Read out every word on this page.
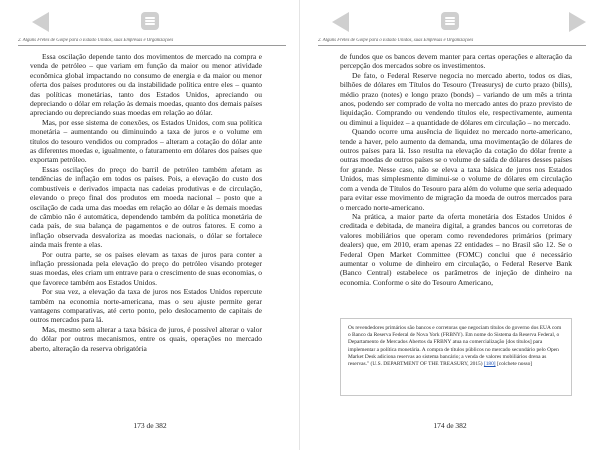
2. Alguns Fretes de Golpe para o Estado Unidos, suas Empresas e Organizações

Essa oscilação depende tanto dos movimentos de mercado na compra e venda de petróleo – que variam em função da maior ou menor atividade econômica global impactando no consumo de energia e da maior ou menor oferta dos países produtores ou da instabilidade política entre eles – quanto das políticas monetárias, tanto dos Estados Unidos, apreciando ou depreciando o dólar em relação às demais moedas, quanto dos demais países apreciando ou depreciando suas moedas em relação ao dólar.

Mas, por esse sistema de conexões, os Estados Unidos, com sua política monetária – aumentando ou diminuindo a taxa de juros e o volume em títulos do tesouro vendidos ou comprados – alteram a cotação do dólar ante as diferentes moedas e, igualmente, o faturamento em dólares dos países que exportam petróleo.

Essas oscilações do preço do barril de petróleo também afetam as tendências de inflação em todos os países. Pois, a elevação do custo dos combustíveis e derivados impacta nas cadeias produtivas e de circulação, elevando o preço final dos produtos em moeda nacional – posto que a oscilação de cada uma das moedas em relação ao dólar e às demais moedas de câmbio não é automática, dependendo também da política monetária de cada país, de sua balança de pagamentos e de outros fatores. E como a inflação observada desvaloriza as moedas nacionais, o dólar se fortalece ainda mais frente a elas.

Por outra parte, se os países elevam as taxas de juros para conter a inflação pressionada pela elevação do preço do petróleo visando proteger suas moedas, eles criam um entrave para o crescimento de suas economias, o que favorece também aos Estados Unidos.

Por sua vez, a elevação da taxa de juros nos Estados Unidos repercute também na economia norte-americana, mas o seu ajuste permite gerar vantagens comparativas, até certo ponto, pelo deslocamento de capitais de outros mercados para lá.

Mas, mesmo sem alterar a taxa básica de juros, é possível alterar o valor do dólar por outros mecanismos, entre os quais, operações no mercado aberto, alteração da reserva obrigatória

173 de 382
2. Alguns Fretes de Golpe para o Estado Unidos, suas Empresas e Organizações

de fundos que os bancos devem manter para certas operações e alteração da percepção dos mercados sobre os investimentos.

De fato, o Federal Reserve negocia no mercado aberto, todos os dias, bilhões de dólares em Títulos do Tesouro (Treasurys) de curto prazo (bills), médio prazo (notes) e longo prazo (bonds) – variando de um mês a trinta anos, podendo ser comprado de volta no mercado antes do prazo previsto de liquidação. Comprando ou vendendo títulos ele, respectivamente, aumenta ou diminui a liquidez – a quantidade de dólares em circulação – no mercado.

Quando ocorre uma ausência de liquidez no mercado norte-americano, tende a haver, pelo aumento da demanda, uma movimentação de dólares de outros países para lá. Isso resulta na elevação da cotação do dólar frente a outras moedas de outros países se o volume de saída de dólares desses países for grande. Nesse caso, não se eleva a taxa básica de juros nos Estados Unidos, mas simplesmente diminui-se o volume de dólares em circulação com a venda de Títulos do Tesouro para além do volume que seria adequado para evitar esse movimento de migração da moeda de outros mercados para o mercado norte-americano.

Na prática, a maior parte da oferta monetária dos Estados Unidos é creditada e debitada, de maneira digital, a grandes bancos ou corretoras de valores mobiliários que operam como revendedores primários (primary dealers) que, em 2010, eram apenas 22 entidades – no Brasil são 12. Se o Federal Open Market Committee (FOMC) conclui que é necessário aumentar o volume de dinheiro em circulação, o Federal Reserve Bank (Banco Central) estabelece os parâmetros de injeção de dinheiro na economia. Conforme o site do Tesouro Americano,

Os revendedores primários são bancos e corretoras que negociam títulos do governo dos EUA com o Banco da Reserva Federal de Nova York (FRBNY). Em nome do Sistema da Reserva Federal, o Departamento de Mercados Abertos da FRBNY atua na comercialização [dos títulos] para implementar a política monetária. A compra de títulos públicos no mercado secundário pelo Open Market Desk adiciona reservas ao sistema bancário; a venda de valores mobiliários drena as reservas." (U.S. DEPARTMENT OF THE TREASURY, 2015) [180] [colchete nosso]
174 de 382
